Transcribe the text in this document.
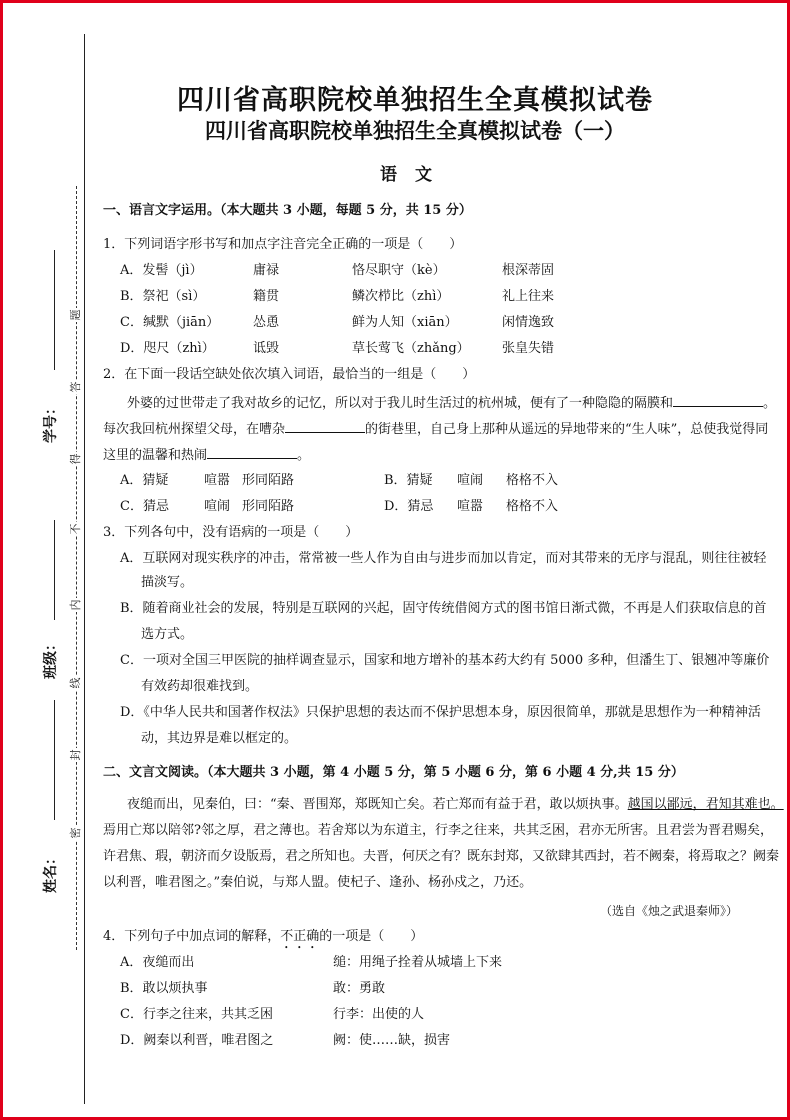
题
答
得
不
内
线
封
密
学号：
班级：
姓名：
四川省高职院校单独招生全真模拟试卷
四川省高职院校单独招生全真模拟试卷（一）
语文
一、语言文字运用。（本大题共 3 小题，每题 5 分，共 15 分）
1．下列词语字形书写和加点字注音完全正确的一项是（　　）
A．发髻（jì）	庸禄	恪尽职守（kè）	根深蒂固
B．祭祀（sì）	籍贯	鳞次栉比（zhì）	礼上往来
C．缄默（jiān）	怂恿	鲜为人知（xiān）	闲情逸致
D．咫尺（zhì）	诋毁	草长莺飞（zhǎng） 张皇失错
2．在下面一段话空缺处依次填入词语，最恰当的一组是（　　）
外婆的过世带走了我对故乡的记忆，所以对于我儿时生活过的杭州城，便有了一种隐隐的隔膜和	。
每次我回杭州探望父母，在嘈杂	的街巷里，自己身上那种从遥远的异地带来的“生人味”，总使我觉得同
这里的温馨和热闹	。
A．猜疑	喧嚣 形同陌路	B．猜疑 喧闹 格格不入
C．猜忌	喧闹 形同陌路	D．猜忌 喧嚣 格格不入
3．下列各句中，没有语病的一项是（　　）
A．互联网对现实秩序的冲击，常常被一些人作为自由与进步而加以肯定，而对其带来的无序与混乱，则往往被轻
描淡写。
B．随着商业社会的发展，特别是互联网的兴起，固守传统借阅方式的图书馆日渐式微，不再是人们获取信息的首
选方式。
C．一项对全国三甲医院的抽样调查显示，国家和地方增补的基本药大约有 5000 多种，但潘生丁、银翘冲等廉价
有效药却很难找到。
D．《中华人民共和国著作权法》只保护思想的表达而不保护思想本身，原因很简单，那就是思想作为一种精神活
动，其边界是难以框定的。
二、文言文阅读。（本大题共 3 小题，第 4 小题 5 分，第 5 小题 6 分，第 6 小题 4 分,共 15 分）
夜缒而出，见秦伯，曰：“秦、晋围郑，郑既知亡矣。若亡郑而有益于君，敢以烦执事。越国以鄙远，君知其难也。
焉用亡郑以陪邻?邻之厚，君之薄也。若舍郑以为东道主，行李之往来，共其乏困，君亦无所害。且君尝为晋君赐矣，
许君焦、瑕，朝济而夕设版焉，君之所知也。夫晋，何厌之有？既东封郑，又欲肆其西封，若不阙秦，将焉取之？阙秦
以利晋，唯君图之。”秦伯说，与郑人盟。使杞子、逢孙、杨孙戍之，乃还。
（选自《烛之武退秦师》）
4．下列句子中加点词的解释，不正确的一项是（　　）
A．夜缒而出	缒：用绳子拴着从城墙上下来
B．敢以烦执事	敢：勇敢
C．行李之往来，共其乏困	行李：出使的人
D．阙秦以利晋，唯君图之	阙：使……缺，损害
